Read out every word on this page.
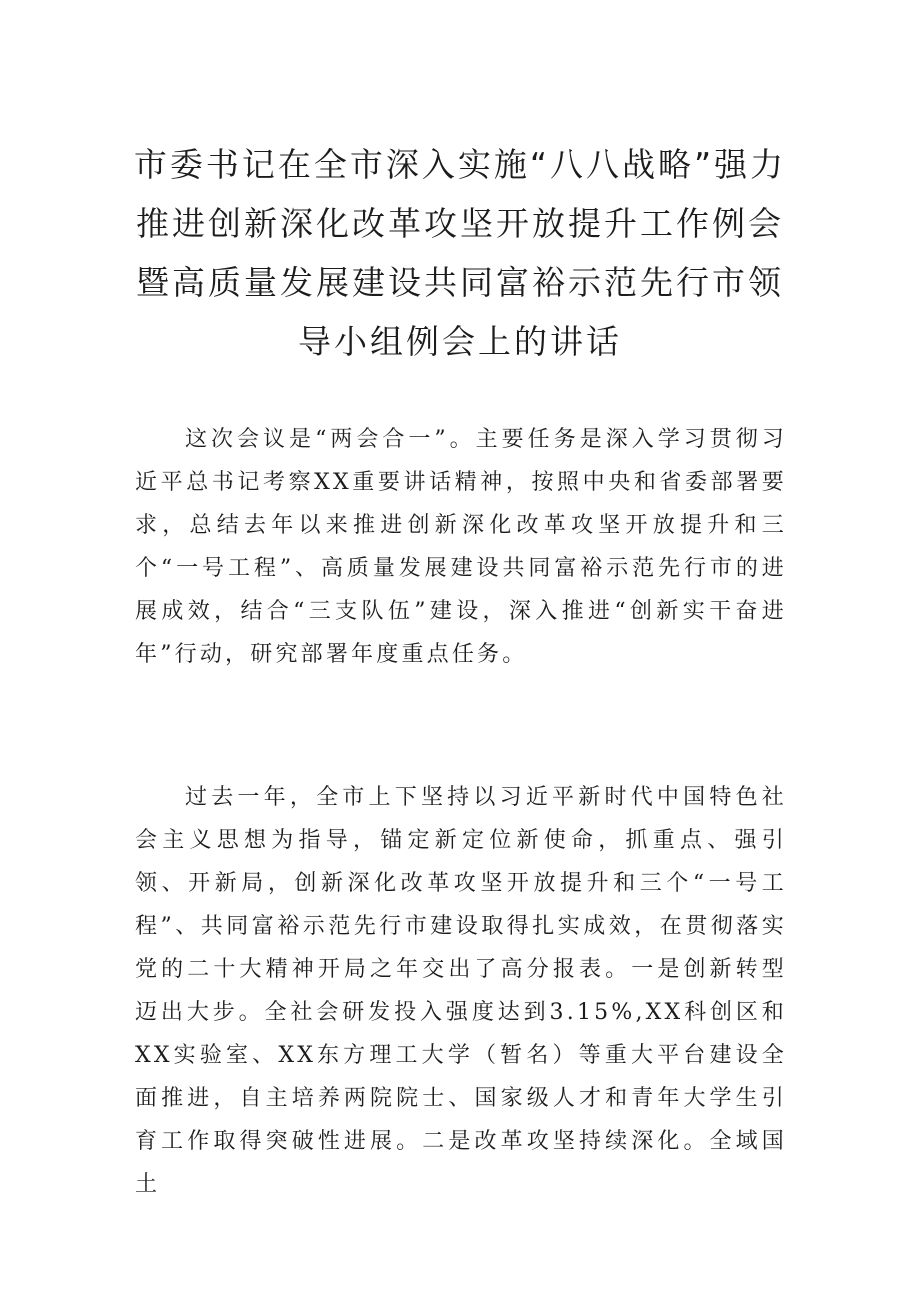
市委书记在全市深入实施“八八战略”强力
推进创新深化改革攻坚开放提升工作例会
暨高质量发展建设共同富裕示范先行市领
导小组例会上的讲话

这次会议是“两会合一”。主要任务是深入学习贯彻习近平总书记考察XX重要讲话精神，按照中央和省委部署要求，总结去年以来推进创新深化改革攻坚开放提升和三个“一号工程”、高质量发展建设共同富裕示范先行市的进展成效，结合“三支队伍”建设，深入推进“创新实干奋进年”行动，研究部署年度重点任务。

过去一年，全市上下坚持以习近平新时代中国特色社会主义思想为指导，锚定新定位新使命，抓重点、强引领、开新局，创新深化改革攻坚开放提升和三个“一号工程”、共同富裕示范先行市建设取得扎实成效，在贯彻落实党的二十大精神开局之年交出了高分报表。一是创新转型迈出大步。全社会研发投入强度达到3.15%,XX科创区和XX实验室、XX东方理工大学（暂名）等重大平台建设全面推进，自主培养两院院士、国家级人才和青年大学生引育工作取得突破性进展。二是改革攻坚持续深化。全域国土
